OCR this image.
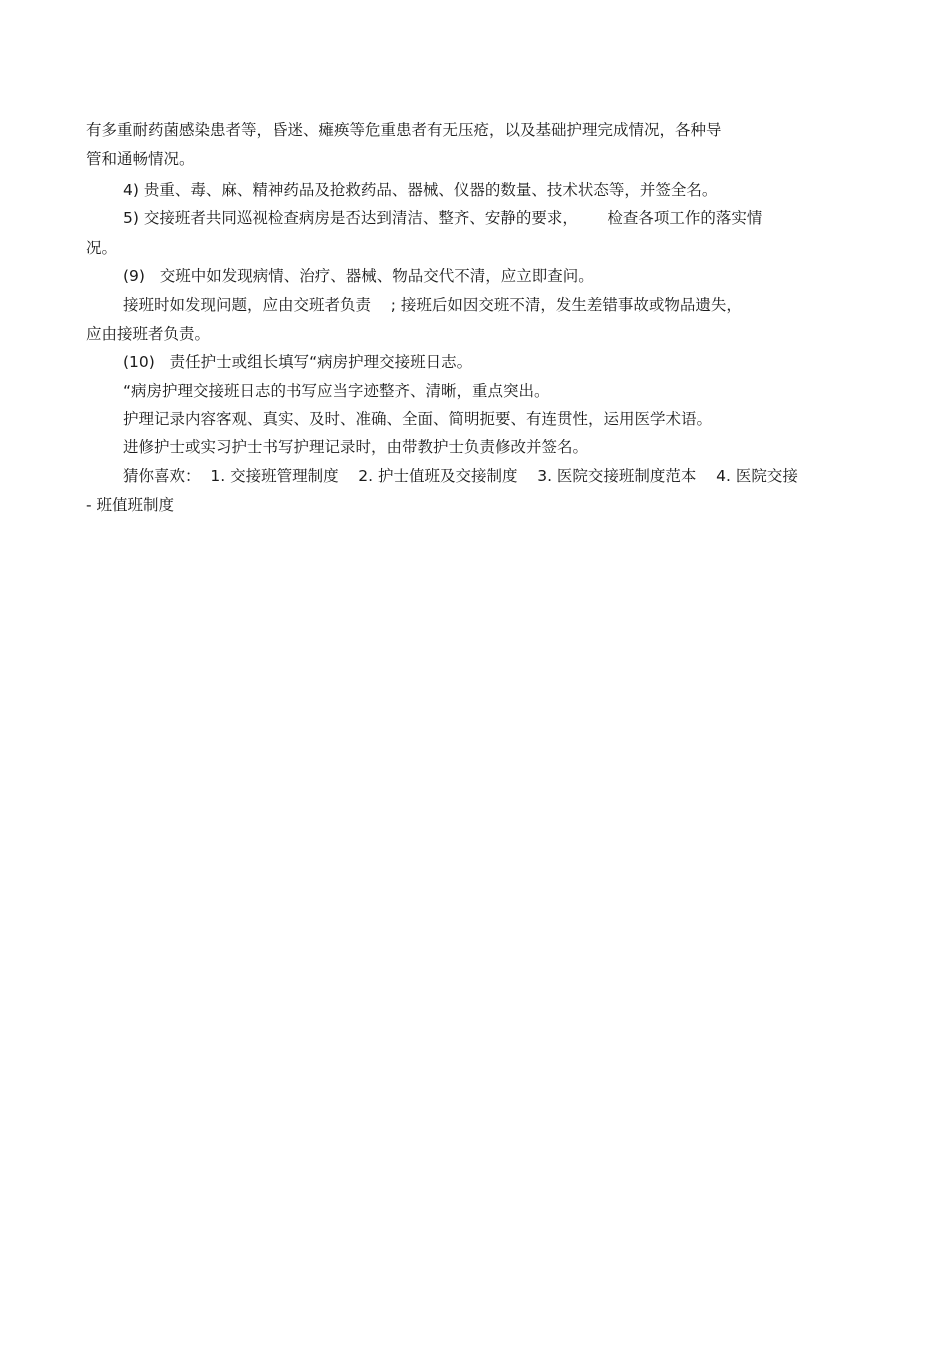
有多重耐药菌感染患者等，昏迷、瘫痪等危重患者有无压疮，以及基础护理完成情况，各种导
管和通畅情况。
4) 贵重、毒、麻、精神药品及抢救药品、器械、仪器的数量、技术状态等，并签全名。
5) 交接班者共同巡视检查病房是否达到清洁、整齐、安静的要求，      检查各项工作的落实情
况。
(9)   交班中如发现病情、治疗、器械、物品交代不清，应立即查问。
接班时如发现问题，应由交班者负责    ; 接班后如因交班不清，发生差错事故或物品遗失，
应由接班者负责。
(10)   责任护士或组长填写“病房护理交接班日志。
“病房护理交接班日志的书写应当字迹整齐、清晰，重点突出。
护理记录内容客观、真实、及时、准确、全面、简明扼要、有连贯性，运用医学术语。
进修护士或实习护士书写护理记录时，由带教护士负责修改并签名。
猜你喜欢：  1. 交接班管理制度    2. 护士值班及交接制度    3. 医院交接班制度范本    4. 医院交接
- 班值班制度
